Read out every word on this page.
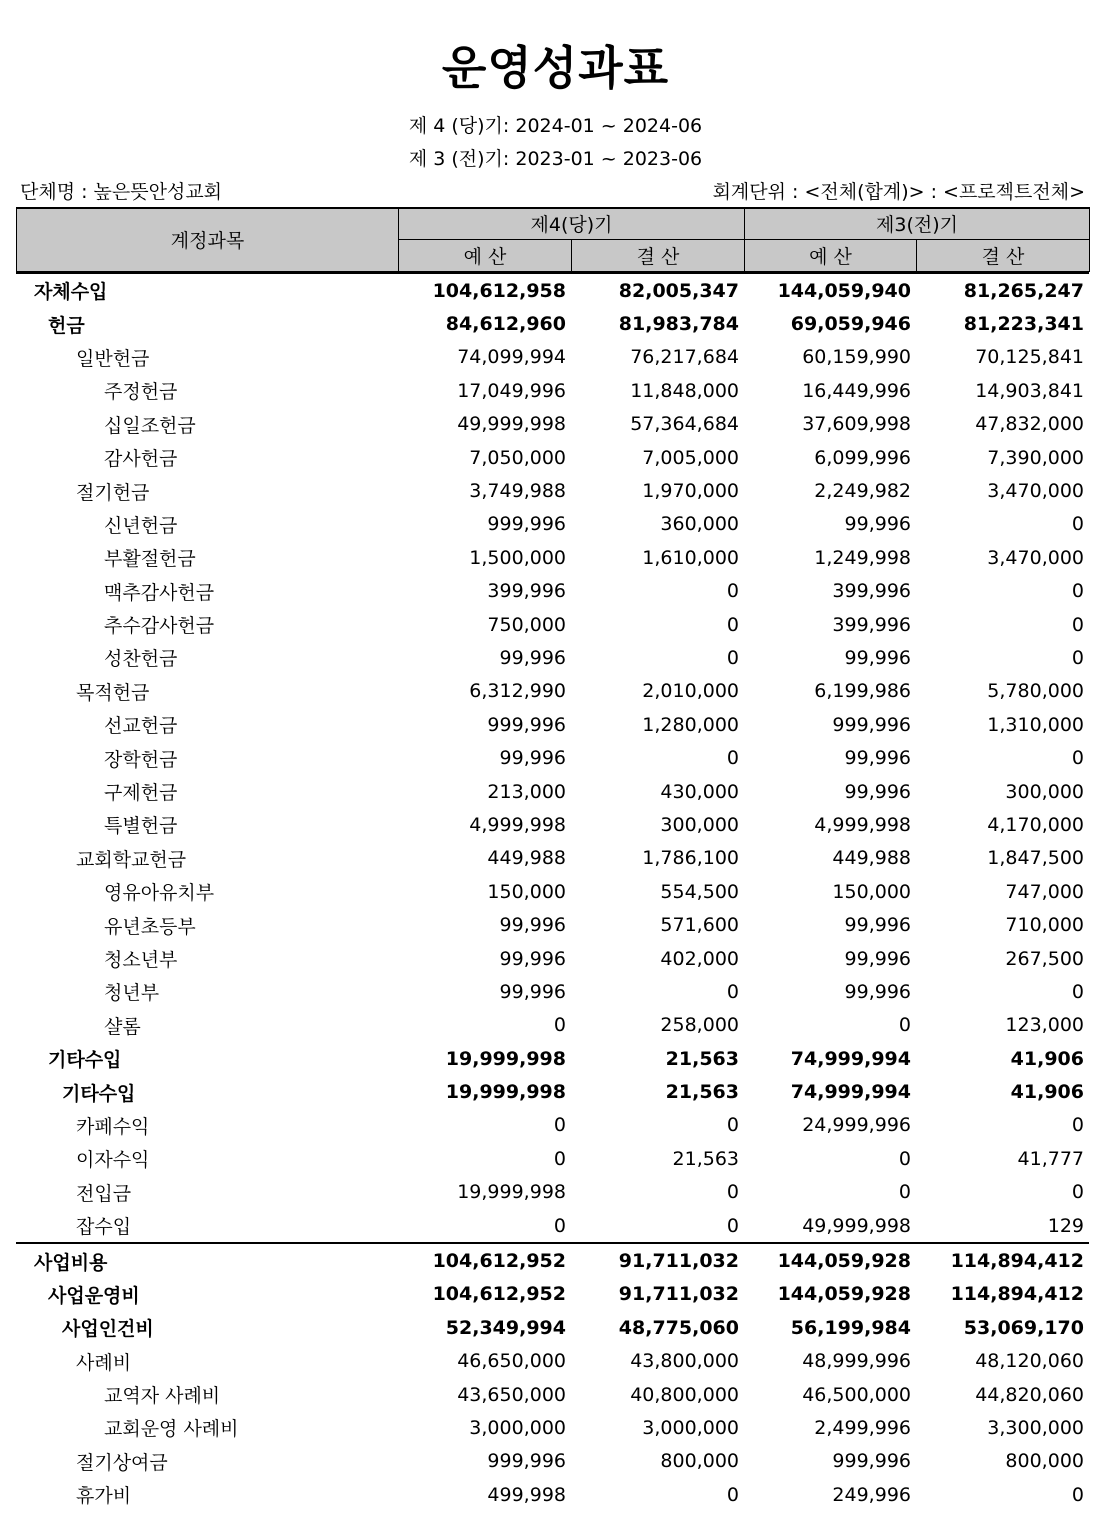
운영성과표
제 4 (당)기: 2024-01 ~ 2024-06
제 3 (전)기: 2023-01 ~ 2023-06
단체명 : 높은뜻안성교회	회계단위 : <전체(합계)> : <프로젝트전체>
계정과목	제4(당)기		제3(전)기	
	예 산	결 산	예 산	결 산
자체수입	104,612,958	82,005,347	144,059,940	81,265,247
헌금	84,612,960	81,983,784	69,059,946	81,223,341
일반헌금	74,099,994	76,217,684	60,159,990	70,125,841
주정헌금	17,049,996	11,848,000	16,449,996	14,903,841
십일조헌금	49,999,998	57,364,684	37,609,998	47,832,000
감사헌금	7,050,000	7,005,000	6,099,996	7,390,000
절기헌금	3,749,988	1,970,000	2,249,982	3,470,000
신년헌금	999,996	360,000	99,996	0
부활절헌금	1,500,000	1,610,000	1,249,998	3,470,000
맥추감사헌금	399,996	0	399,996	0
추수감사헌금	750,000	0	399,996	0
성찬헌금	99,996	0	99,996	0
목적헌금	6,312,990	2,010,000	6,199,986	5,780,000
선교헌금	999,996	1,280,000	999,996	1,310,000
장학헌금	99,996	0	99,996	0
구제헌금	213,000	430,000	99,996	300,000
특별헌금	4,999,998	300,000	4,999,998	4,170,000
교회학교헌금	449,988	1,786,100	449,988	1,847,500
영유아유치부	150,000	554,500	150,000	747,000
유년초등부	99,996	571,600	99,996	710,000
청소년부	99,996	402,000	99,996	267,500
청년부	99,996	0	99,996	0
샬롬	0	258,000	0	123,000
기타수입	19,999,998	21,563	74,999,994	41,906
기타수입	19,999,998	21,563	74,999,994	41,906
카페수익	0	0	24,999,996	0
이자수익	0	21,563	0	41,777
전입금	19,999,998	0	0	0
잡수입	0	0	49,999,998	129
사업비용	104,612,952	91,711,032	144,059,928	114,894,412
사업운영비	104,612,952	91,711,032	144,059,928	114,894,412
사업인건비	52,349,994	48,775,060	56,199,984	53,069,170
사례비	46,650,000	43,800,000	48,999,996	48,120,060
교역자 사례비	43,650,000	40,800,000	46,500,000	44,820,060
교회운영 사례비	3,000,000	3,000,000	2,499,996	3,300,000
절기상여금	999,996	800,000	999,996	800,000
휴가비	499,998	0	249,996	0
